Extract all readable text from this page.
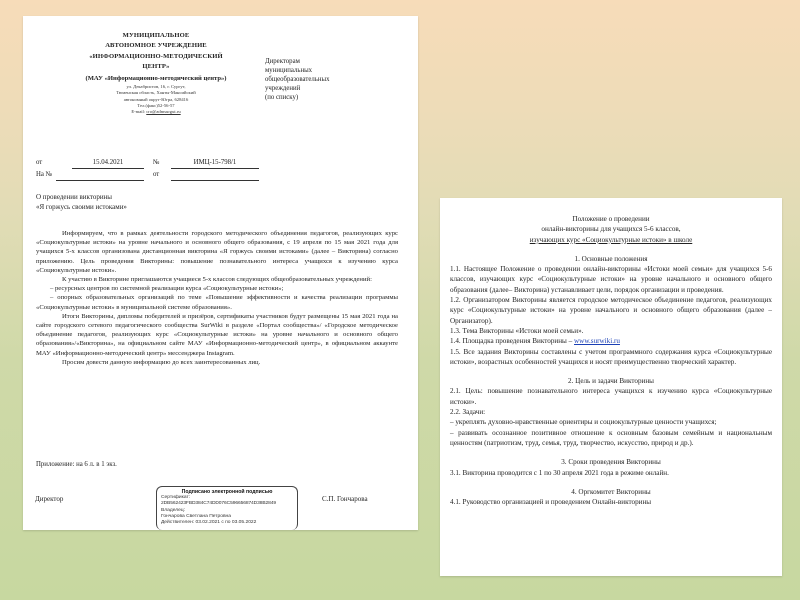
МУНИЦИПАЛЬНОЕ
АВТОНОМНОЕ УЧРЕЖДЕНИЕ
«ИНФОРМАЦИОННО-МЕТОДИЧЕСКИЙ
ЦЕНТР»
(МАУ «Информационно-методический центр»)
ул. Декабристов, 16, г. Сургут,
Тюменская область, Ханты-Мансийский
автономный округ-Югра, 628416
Тел.(факс)52-56-57
E-mail: cro@admsurgut.ru
Директорам
муниципальных
общеобразовательных
учреждений
(по списку)
от	15.04.2021	№	ИМЦ-15-798/1
На №	от
О проведении викторины
«Я горжусь своими истоками»

Информируем, что в рамках деятельности городского методического объединения педагогов, реализующих курс «Социокультурные истоки» на уровне начального и основного общего образования, с 19 апреля по 15 мая 2021 года для учащихся 5-х классов организована дистанционная викторина «Я горжусь своими истоками» (далее – Викторина) согласно приложению. Цель проведения Викторины: повышение познавательного интереса учащихся к изучению курса «Социокультурные истоки».

К участию в Викторине приглашаются учащиеся 5-х классов следующих общеобразовательных учреждений:

– ресурсных центров по системной реализации курса «Социокультурные истоки»;

– опорных образовательных организаций по теме «Повышение эффективности и качества реализации программы «Социокультурные истоки» в муниципальной системе образования».

Итоги Викторины, дипломы победителей и призёров, сертификаты участников будут размещены 15 мая 2021 года на сайте городского сетевого педагогического сообщества SurWiki в разделе «Портал сообщества»/ «Городское методическое объединение педагогов, реализующих курс «Социокультурные истоки» на уровне начального и основного общего образования»/«Викторина», на официальном сайте МАУ «Информационно-методический центр», в официальном аккаунте МАУ «Информационно-методический центр» мессенджера Instagram.

Просим довести данную информацию до всех заинтересованных лиц.

Приложение: на 6 л. в 1 экз.
Директор	С.П. Гончарова
Подписано электронной подписью
Сертификат:
2DB562423FBD384C74DD076C596656874D38B2849
Владелец:
Гончарова Светлана Петровна
Действителен: 03.02.2021 с по 03.05.2022

Положение о проведении

онлайн-викторины для учащихся 5-6 классов,

изучающих курс «Социокультурные истоки» в школе

1. Основные положения

1.1. Настоящее Положение о проведении онлайн-викторины «Истоки моей семьи» для учащихся 5-6 классов, изучающих курс «Социокультурные истоки» на уровне начального и основного общего образования (далее– Викторина) устанавливает цели, порядок организации и проведения.

1.2. Организатором Викторины является городское методическое объединение педагогов, реализующих курс «Социокультурные истоки» на уровне начального и основного общего образования (далее – Организатор).

1.3. Тема Викторины «Истоки моей семьи».

1.4. Площадка проведения Викторины – www.surwiki.ru

1.5. Все задания Викторины составлены с учетом программного содержания курса «Социокультурные истоки», возрастных особенностей учащихся и носят преимущественно творческий характер.

2. Цель и задачи Викторины

2.1. Цель: повышение познавательного интереса учащихся к изучению курса «Социокультурные истоки».

2.2. Задачи:

– укреплять духовно-нравственные ориентиры и социокультурные ценности учащихся;

– развивать осознанное позитивное отношение к основным базовым семейным и национальным ценностям (патриотизм, труд, семья, труд, творчество, искусство, природ и др.).

3. Сроки проведения Викторины

3.1. Викторина проводится с 1 по 30 апреля 2021 года в режиме онлайн.

4. Оргкомитет Викторины

4.1. Руководство организацией и проведением Онлайн-викторины
